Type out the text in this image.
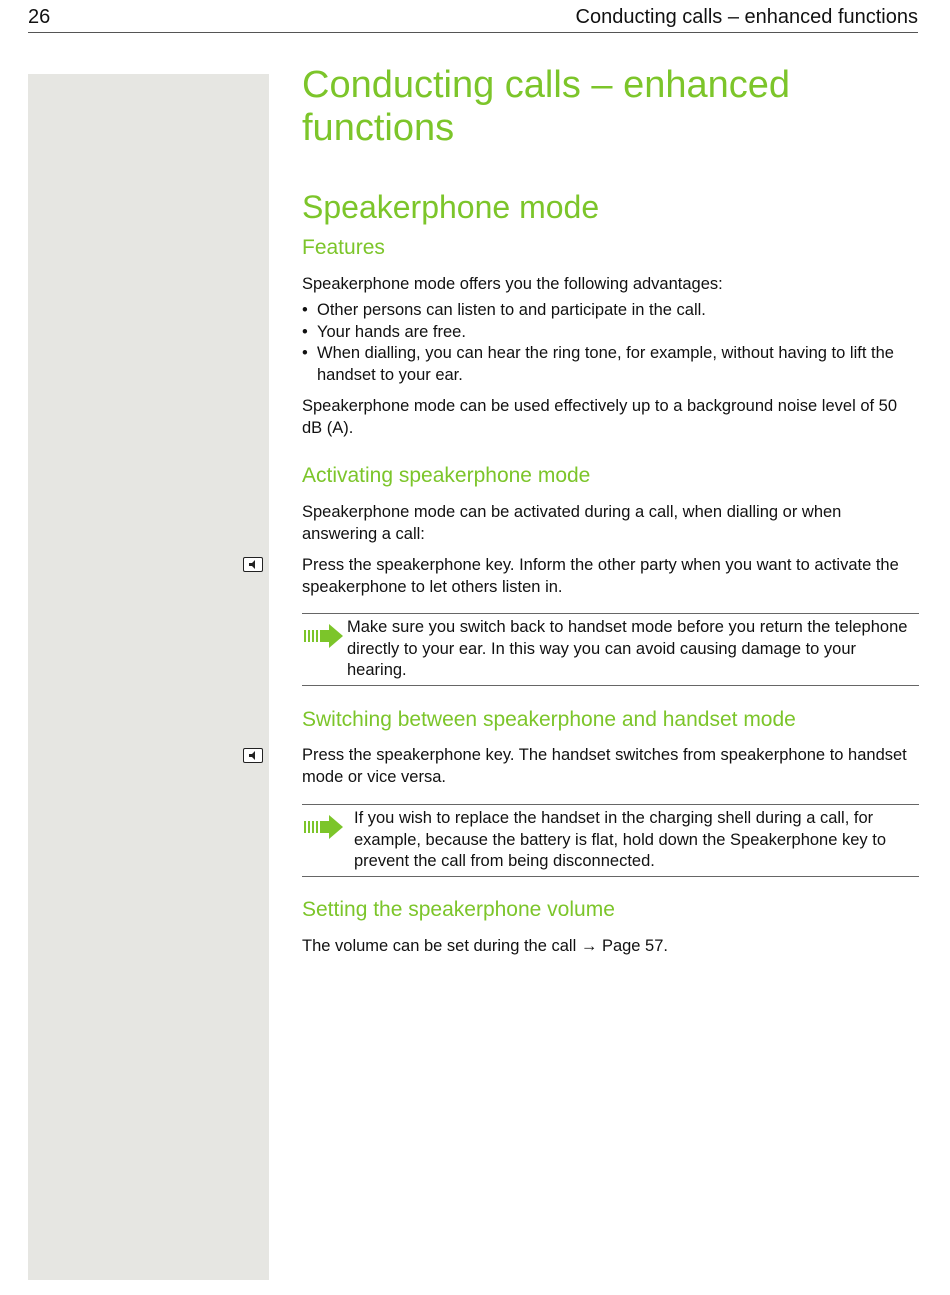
26	Conducting calls – enhanced functions
Conducting calls – enhanced functions
Speakerphone mode
Features
Speakerphone mode offers you the following advantages:
• Other persons can listen to and participate in the call.
• Your hands are free.
• When dialling, you can hear the ring tone, for example, without having to lift the handset to your ear.
Speakerphone mode can be used effectively up to a background noise level of 50 dB (A).
Activating speakerphone mode
Speakerphone mode can be activated during a call, when dialling or when answering a call:
Press the speakerphone key. Inform the other party when you want to activate the speakerphone to let others listen in.
Make sure you switch back to handset mode before you return the telephone directly to your ear. In this way you can avoid causing damage to your hearing.
Switching between speakerphone and handset mode
Press the speakerphone key. The handset switches from speakerphone to handset mode or vice versa.
If you wish to replace the handset in the charging shell during a call, for example, because the battery is flat, hold down the Speakerphone key to prevent the call from being disconnected.
Setting the speakerphone volume
The volume can be set during the call → Page 57.
